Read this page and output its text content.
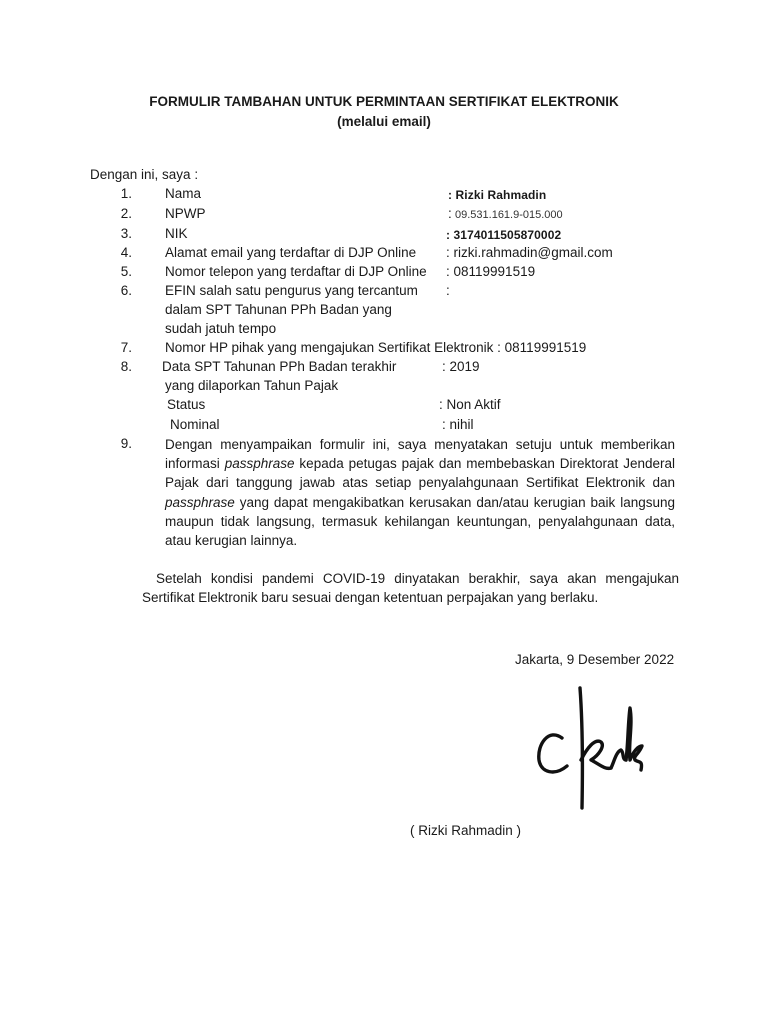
FORMULIR TAMBAHAN UNTUK PERMINTAAN SERTIFIKAT ELEKTRONIK
(melalui email)
Dengan ini, saya :
1. Nama	: Rizki Rahmadin
2. NPWP	: 09.531.161.9-015.000
3. NIK	: 3174011505870002
4. Alamat email yang terdaftar di DJP Online : rizki.rahmadin@gmail.com
5. Nomor telepon yang terdaftar di DJP Online : 08119991519
6. EFIN salah satu pengurus yang tercantum :
dalam SPT Tahunan PPh Badan yang
sudah jatuh tempo
7. Nomor HP pihak yang mengajukan Sertifikat Elektronik : 08119991519
8. Data SPT Tahunan PPh Badan terakhir	: 2019
yang dilaporkan Tahun Pajak
Status	: Non Aktif
Nominal	: nihil
9. Dengan menyampaikan formulir ini, saya menyatakan setuju untuk memberikan informasi passphrase kepada petugas pajak dan membebaskan Direktorat Jenderal Pajak dari tanggung jawab atas setiap penyalahgunaan Sertifikat Elektronik dan passphrase yang dapat mengakibatkan kerusakan dan/atau kerugian baik langsung maupun tidak langsung, termasuk kehilangan keuntungan, penyalahgunaan data, atau kerugian lainnya.
Setelah kondisi pandemi COVID-19 dinyatakan berakhir, saya akan mengajukan
Sertifikat Elektronik baru sesuai dengan ketentuan perpajakan yang berlaku.
Jakarta, 9 Desember 2022
( Rizki Rahmadin )
